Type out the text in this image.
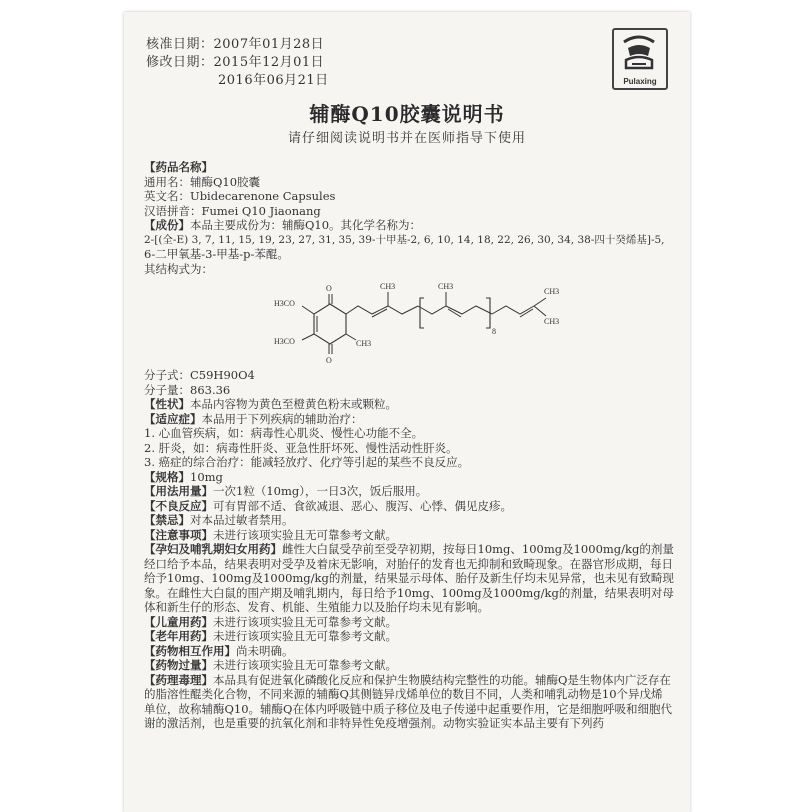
核准日期：2007年01月28日
修改日期：2015年12月01日
2016年06月21日	Pulaxing
辅酶Q10胶囊说明书
请仔细阅读说明书并在医师指导下使用

【药品名称】

通用名：辅酶Q10胶囊

英文名：Ubidecarenone Capsules

汉语拼音：Fumei Q10 Jiaonang

【成份】本品主要成份为：辅酶Q10。其化学名称为：

2-[(全-E) 3, 7, 11, 15, 19, 23, 27, 31, 35, 39-十甲基-2, 6, 10, 14, 18, 22, 26, 30, 34, 38-四十癸烯基]-5,

6-二甲氧基-3-甲基-p-苯醌。

其结构式为：

O
O
H3CO
H3CO	CH3
CH3	CH3
8
CH3
CH3

分子式：C59H90O4

分子量：863.36

【性状】本品内容物为黄色至橙黄色粉末或颗粒。

【适应症】本品用于下列疾病的辅助治疗：

1. 心血管疾病，如：病毒性心肌炎、慢性心功能不全。

2. 肝炎，如：病毒性肝炎、亚急性肝坏死、慢性活动性肝炎。

3. 癌症的综合治疗：能减轻放疗、化疗等引起的某些不良反应。

【规格】10mg

【用法用量】一次1粒（10mg），一日3次，饭后服用。

【不良反应】可有胃部不适、食欲减退、恶心、腹泻、心悸、偶见皮疹。

【禁忌】对本品过敏者禁用。

【注意事项】未进行该项实验且无可靠参考文献。

【孕妇及哺乳期妇女用药】雌性大白鼠受孕前至受孕初期，按每日10mg、100mg及1000mg/kg的剂量经口给予本品，结果表明对受孕及着床无影响，对胎仔的发育也无抑制和致畸现象。在器官形成期，每日给予10mg、100mg及1000mg/kg的剂量，结果显示母体、胎仔及新生仔均未见异常，也未见有致畸现象。在雌性大白鼠的围产期及哺乳期内，每日给予10mg、100mg及1000mg/kg的剂量，结果表明对母体和新生仔的形态、发育、机能、生殖能力以及胎仔均未见有影响。

【儿童用药】未进行该项实验且无可靠参考文献。

【老年用药】未进行该项实验且无可靠参考文献。

【药物相互作用】尚未明确。

【药物过量】未进行该项实验且无可靠参考文献。

【药理毒理】本品具有促进氧化磷酸化反应和保护生物膜结构完整性的功能。辅酶Q是生物体内广泛存在的脂溶性醌类化合物，不同来源的辅酶Q其侧链异戊烯单位的数目不同，人类和哺乳动物是10个异戊烯单位，故称辅酶Q10。辅酶Q在体内呼吸链中质子移位及电子传递中起重要作用，它是细胞呼吸和细胞代谢的激活剂，也是重要的抗氧化剂和非特异性免疫增强剂。动物实验证实本品主要有下列药
